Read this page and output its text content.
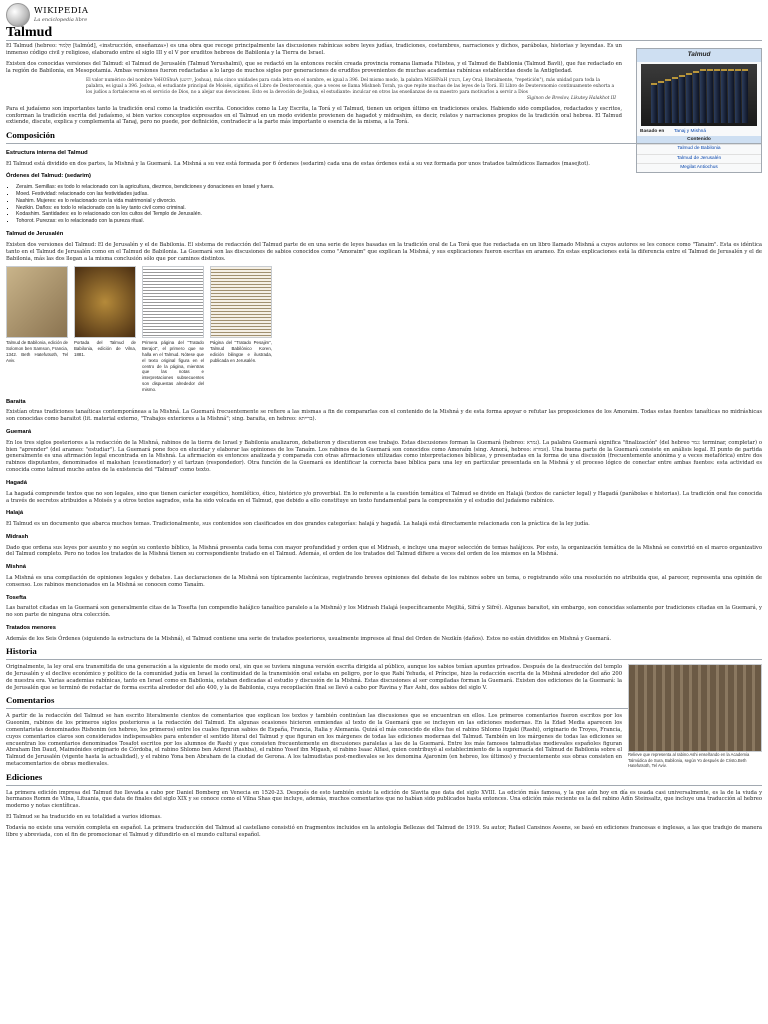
WIKIPEDIA
La enciclopedia libre
Talmud
Talmud
Basado en	Tanaj y Mishná
Contenido
Talmud de Babilonia
Talmud de Jerusalén
Megilat Antiochus

El Talmud (hebreo: תַּלְמוּד [talmúd], «instrucción, enseñanza») es una obra que recoge principalmente las discusiones rabínicas sobre leyes judías, tradiciones, costumbres, narraciones y dichos, parábolas, historias y leyendas. Es un inmenso código civil y religioso, elaborado entre el siglo III y el V por eruditos hebreos de Babilonia y la Tierra de Israel.

Existen dos conocidas versiones del Talmud: el Talmud de Jerusalén (Talmud Yerushalmi), que se redactó en la entonces recién creada provincia romana llamada Filistea, y el Talmud de Babilonia (Talmud Bavli), que fue redactado en la región de Babilonia, en Mesopotamia. Ambas versiones fueron redactadas a lo largo de muchos siglos por generaciones de eruditos provenientes de muchas academias rabínicas establecidas desde la Antigüedad.

El valor numérico del nombre YeHOShuA (יהושע, Joshua), más cinco unidades para cada letra en el nombre, es igual a 396. Del mismo modo, la palabra MiSHNaH (משנה, Ley Oral; literalmente, "repetición"), más unidad para toda la palabra, es igual a 396. Joshua, el estudiante principal de Moisés, significa el Libro de Deuteronomio, que a veces se llama Mishneh Torah, ya que repite muchas de las leyes de la Torá. El Libro de Deuteronomio continuamente exhorta a los judíos a fortalecerse en el servicio de Dios, no a alejar sus devociones. Esto es la devoción de Joshua, el estudiante: inculcar en otros las enseñanzas de su maestro para motivarlos a servir a Dios
Siginon de Breslov, Likutey Halakhot III

Para el judaísmo son importantes tanto la tradición oral como la tradición escrita. Conocidos como la Ley Escrita, la Torá y el Talmud, tienen un origen último en tradiciones orales. Habiendo sido compilados, redactados y escritos, conforman la tradición escrita del judaísmo, si bien varios conceptos expresados en el Talmud en un modo evidente provienen de hagadot y midrashim, es decir, relatos y narraciones propios de la tradición oral hebrea. El Talmud extiende, discute, explica y complementa al Tanaj, pero no puede, por definición, contradecir a la parte más importante o esencia de la misma, a la Torá.

Composición
Estructura interna del Talmud

El Talmud está dividido en dos partes, la Mishná y la Guemará. La Mishná a su vez está formada por 6 órdenes (sedarim) cada una de estas órdenes está a su vez formada por unos tratados talmúdicos llamados (masejtot).

Órdenes del Talmud: (sedarim)
▪ Zeraim. Semillas: es todo lo relacionado con la agricultura, diezmos, bendiciones y donaciones en Israel y fuera.
▪ Moed. Festividad: relacionado con las festividades judías.
▪ Nashim. Mujeres: es lo relacionado con la vida matrimonial y divorcio.
▪ Nezikin. Daños: es todo lo relacionado con la ley tanto civil como criminal.
▪ Kodashim. Santidades: es lo relacionado con los cultos del Templo de Jerusalén.
▪ Tohorot. Purezas: es lo relacionado con la pureza ritual.
Talmud de Jerusalén

Existen dos versiones del Talmud: El de Jerusalén y el de Babilonia. El sistema de redacción del Talmud parte de en una serie de leyes basadas en la tradición oral de La Torá que fue redactada en un libro llamado Mishná a cuyos autores se les conoce como "Tanaim". Esta es idéntica tanto en el Talmud de Jerusalén como en el Talmud de Babilonia. La Guemará son las discusiones de sabios conocidos como "Amoraim" que explican la Mishná, y sus explicaciones fueron escritas en arameo. En estas explicaciones está la diferencia entre el Talmud de Jerusalén y el de Babilonia, más las dos llegan a la misma conclusión sólo que por caminos distintos.

Talmud de Babilonia, edición de Solomon ben Samson, Francia, 1342. Beth Hatefutsoth, Tel Aviv.
Portada del Talmud de Babilonia, edición de Vilna, 1881.
Primera página del "Tratado Berajot", el primero que se halla en el Talmud. Nótese que el texto original figura en el centro de la página, mientras que las notas e interpretaciones subsecuentes son dispuestas alrededor del mismo.
Página del "Tratado Pesajim", Talmud Babilónico Koren, edición bilingüe e ilustrada, publicada en Jerusalén.
Baraita

Existían otras tradiciones tanaíticas contemporáneas a la Mishná. La Guemará frecuentemente se refiere a las mismas a fin de compararlas con el contenido de la Mishná y de esta forma apoyar o refutar las proposiciones de los Amoraim. Todas estas fuentes tanaíticas no midráshicas son conocidas como baraitot (lit. material externo, "Trabajos exteriores a la Mishná"; sing. baraita, en hebreo: ברייתא).

Guemará

En los tres siglos posteriores a la redacción de la Mishná, rabinos de la tierra de Israel y Babilonia analizaron, debatieron y discutieron ese trabajo. Estas discusiones forman la Guemará (hebreo: גמרא). La palabra Guemará significa "finalización" (del hebreo גמר: terminar, completar) o bien "aprender" (del arameo: "estudiar"). La Guemará pone foco en elucidar y elaborar las opiniones de los Tanaím. Los rabinos de la Guemará son conocidos como Amoraím (sing. Amorá, hebreo: אמורא). Una buena parte de la Guemará consiste en análisis legal. El punto de partida generalmente es una afirmación legal encontrada en la Mishná. La afirmación es entonces analizada y comparada con otras afirmaciones utilizadas como interpretaciones bíblicas, y presentadas en la forma de una discusión (frecuentemente anónima y a veces metafórica) entre dos rabinos disputantes, denominados el makshan (cuestionador) y el tartzan (respondedor). Otra función de la Guemará es identificar la correcta base bíblica para una ley en particular presentada en la Mishná y el proceso lógico de conectar entre ambas fuentes: esta actividad es conocida como talmud mucho antes de la existencia del "Talmud" como texto.

Hagadá

La hagadá comprende textos que no son legales, sino que tienen carácter exegético, homilético, ético, histórico y/o proverbial. En lo referente a la cuestión temática el Talmud se divide en Halajá (textos de carácter legal) y Hagadá (parábolas e historias). La tradición oral fue conocida a través de secretos atribuidos a Moisés y a otros textos sagrados, esta ha sido volcada en el Talmud, que debido a ello constituye un texto fundamental para la comprensión y el estudio del judaísmo rabínico.

Halajá

El Talmud es un documento que abarca muchos temas. Tradicionalmente, sus contenidos son clasificados en dos grandes categorías: halajá y hagadá. La halajá está directamente relacionada con la práctica de la ley judía.

Midrash

Dado que ordena sus leyes por asunto y no según su contexto bíblico, la Mishná presenta cada tema con mayor profundidad y orden que el Midrash, e incluye una mayor selección de temas halájicos. Por esto, la organización temática de la Mishná se convirtió en el marco organizativo del Talmud completo. Pero no todos los tratados de la Mishná tienen su correspondiente tratado en el Talmud. Además, el orden de los tratados del Talmud difiere a veces del orden de los mismos en la Mishná.

Mishná

La Mishná es una compilación de opiniones legales y debates. Las declaraciones de la Mishná son típicamente lacónicas, registrando breves opiniones del debate de los rabinos sobre un tema, o registrando sólo una resolución no atribuida que, al parecer, representa una opinión de consenso. Los rabinos mencionados en la Mishná se conocen como Tanaím.

Tosefta

Las baraitot citadas en la Guemará son generalmente citas de la Tosefta (un compendio halájico tanaítico paralelo a la Mishná) y los Midrash Halajá (específicamente Mejiltá, Sifrá y Sifré). Algunas baraitot, sin embargo, son conocidas solamente por tradiciones citadas en la Guemará, y no son parte de ninguna otra colección.

Tratados menores

Además de los Seis Órdenes (siguiendo la estructura de la Mishná), el Talmud contiene una serie de tratados posteriores, usualmente impresos al final del Orden de Nezikín (daños). Estos no están divididos en Mishná y Guemará.

Historia
Relieve que representa al rabino Ashi enseñando en la Academia Talmúdica de Sura, Babilonia, según Yo después de Cristo.Beth Hatefutsoth, Tel Aviv.

Originalmente, la ley oral era transmitida de una generación a la siguiente de modo oral, sin que se tuviera ninguna versión escrita dirigida al público, aunque los sabios tenían apuntes privados. Después de la destrucción del templo de Jerusalén y el declive económico y político de la comunidad judía en Israel la continuidad de la transmisión oral estaba en peligro, por lo que Rabí Yehuda, el Príncipe, hizo la redacción escrita de la Mishná alrededor del año 200 de nuestra era. Varias academias rabínicas, tanto en Israel como en Babilonia, estaban dedicadas al estudio y discusión de la Mishná. Estas discusiones al ser compiladas forman la Guemará. Existen dos ediciones de la Guemará: la de Jerusalén que se terminó de redactar de forma escrita alrededor del año 400, y la de Babilonia, cuya recopilación final se llevó a cabo por Ravina y Rav Ashi, dos sabios del siglo V.

Comentarios

A partir de la redacción del Talmud se han escrito literalmente cientos de comentarios que explican los textos y también continúan las discusiones que se encuentran en ellos. Los primeros comentarios fueron escritos por los Gueonim, rabinos de los primeros siglos posteriores a la redacción del Talmud. En algunas ocasiones hicieron enmiendas al texto de la Guemará que se incluyen en las ediciones modernas. En la Edad Media aparecen los comentaristas denominados Rishonim (en hebreo, los primeros) entre los cuales figuran sabios de España, Francia, Italia y Alemania. Quizá el más conocido de ellos fue el rabino Shlomo Itzjaki (Rashi), originario de Troyes, Francia, cuyos comentarios claros son considerados indispensables para entender el sentido literal del Talmud y que figuran en los márgenes de todas las ediciones modernas del Talmud. También en los márgenes de todas las ediciones se encuentran los comentarios denominados Tosafot escritos por los alumnos de Rashi y que consisten frecuentemente en discusiones paralelas a las de la Guemará. Entre los más famosos talmudistas medievales españoles figuran Abraham Ibn Daud, Maimónides originario de Córdoba, el rabino Shlomo ben Aderet (Rashba), el rabino Yosef ibn Migash, el rabino Isaac Alfasi, quien contribuyó al establecimiento de la supremacía del Talmud de Babilonia sobre el Talmud de Jerusalén (vigente hasta la actualidad), y el rabino Yona ben Abraham de la ciudad de Gerona. A los talmudistas post-medievales se les denomina Ajaronim (en hebreo, los últimos) y frecuentemente sus obras consisten en metacomentarios de obras medievales.

Ediciones

La primera edición impresa del Talmud fue llevada a cabo por Daniel Bomberg en Venecia en 1520-23. Después de esto también existe la edición de Slavita que data del siglo XVIII. La edición más famosa, y la que aún hoy en día es usada casi universalmente, es la de la viuda y hermanos Romm de Vilna, Lituania, que data de finales del siglo XIX y se conoce como el Vilna Shas que incluye, además, muchos comentarios que no habían sido publicados hasta entonces. Una edición más reciente es la del rabino Adín Steinsaltz, que incluye una traducción al hebreo moderno y notas científicas.

El Talmud se ha traducido en su totalidad a varios idiomas.

Todavía no existe una versión completa en español. La primera traducción del Talmud al castellano consistió en fragmentos incluidos en la antología Bellezas del Talmud de 1919. Su autor, Rafael Cansinos Assens, se basó en ediciones francesas e inglesas, a las que tradujo de manera libre y abreviada, con el fin de promocionar el Talmud y difundirlo en el mundo cultural español.
